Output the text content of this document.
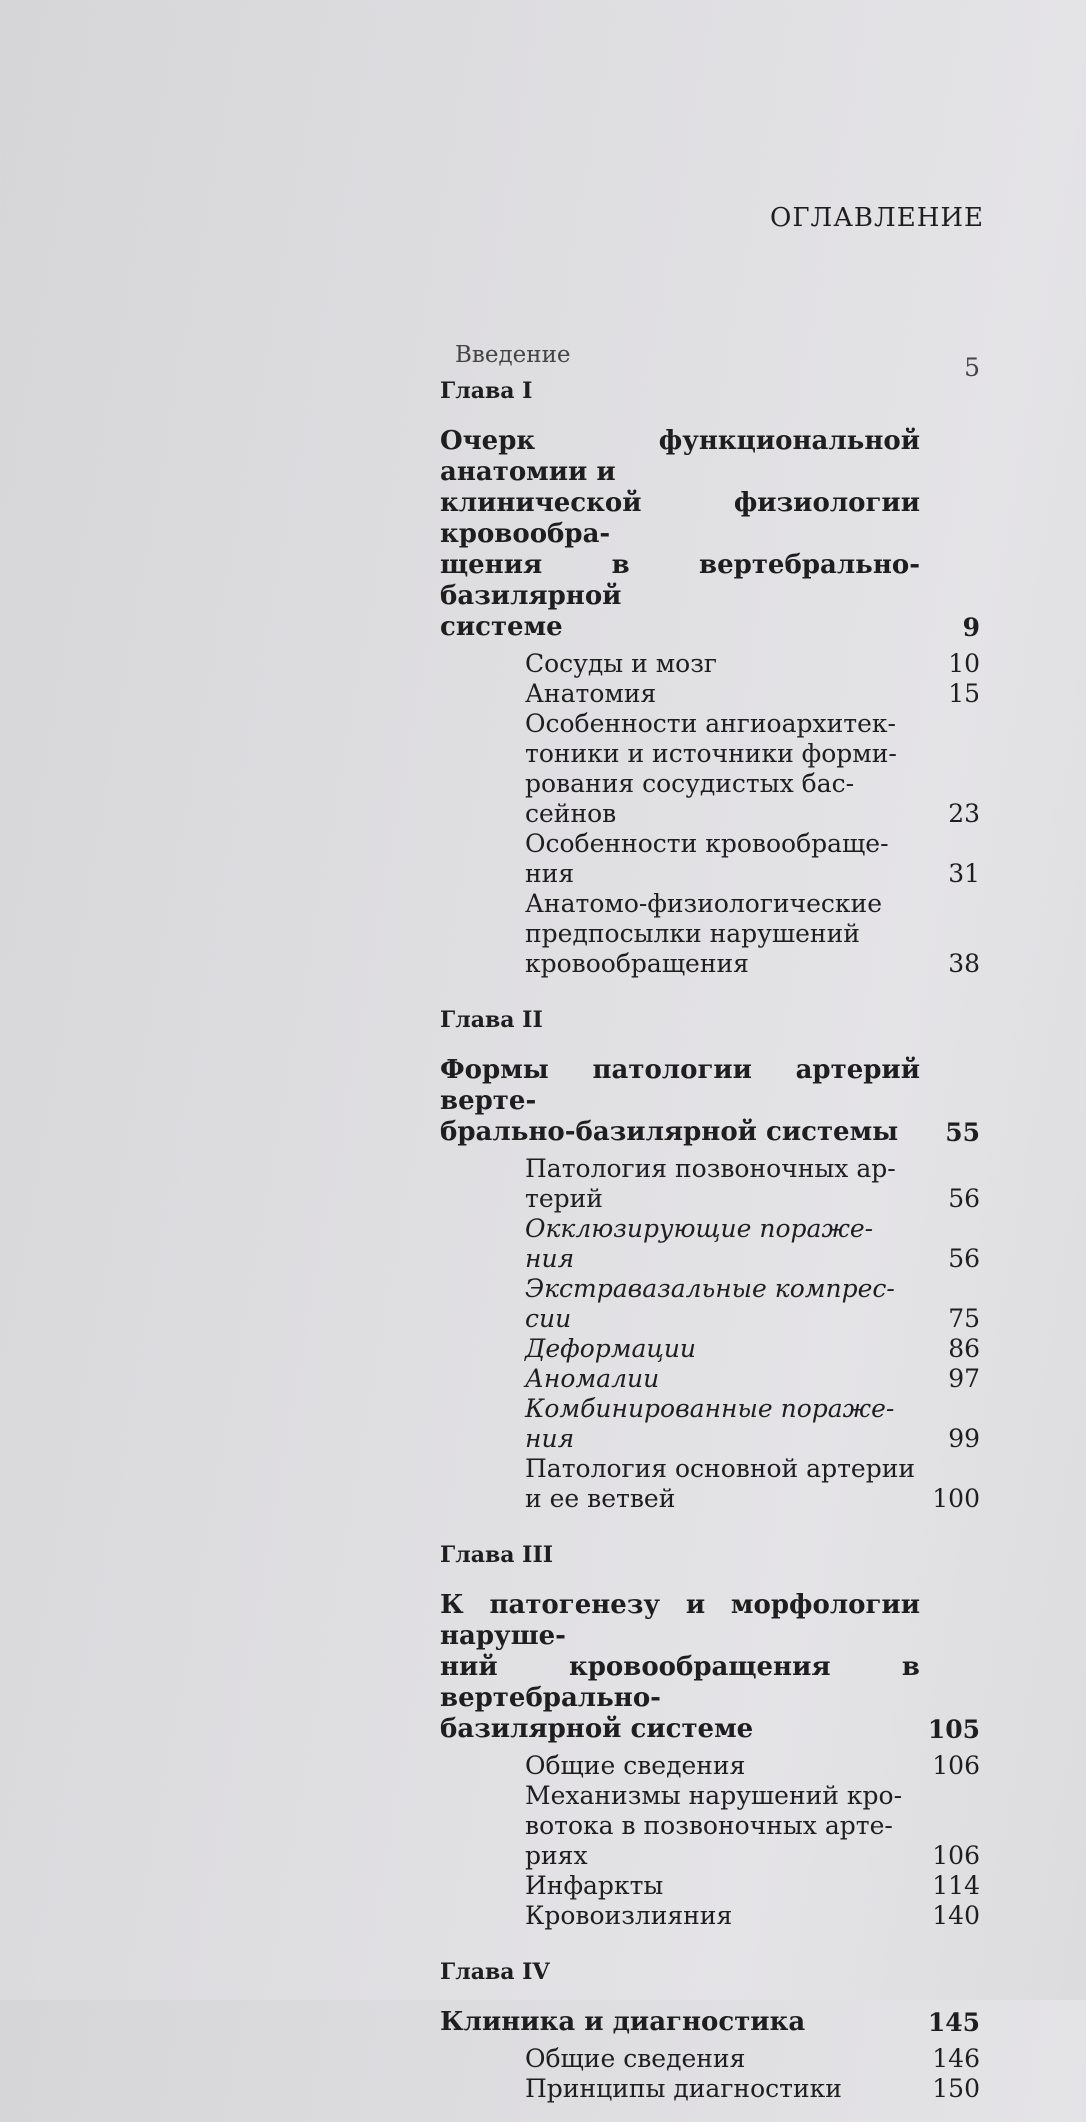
ОГЛАВЛЕНИЕ
Введение	5
Глава I
Очерк функциональной анатомии и
клинической физиологии кровообра-
щения в вертебрально-базилярной
системе	9
Сосуды и мозг	10
Анатомия	15
Особенности ангиоархитек-
тоники и источники форми-
рования сосудистых бас-
сейнов	23
Особенности кровообраще-
ния	31
Анатомо-физиологические
предпосылки нарушений
кровообращения	38
Глава II
Формы патологии артерий верте-
брально-базилярной системы	55
Патология позвоночных ар-
терий	56
Окклюзирующие пораже-
ния	56
Экстравазальные компрес-
сии	75
Деформации	86
Аномалии	97
Комбинированные пораже-
ния	99
Патология основной артерии
и ее ветвей	100
Глава III
К патогенезу и морфологии наруше-
ний кровообращения в вертебрально-
базилярной системе	105
Общие сведения	106
Механизмы нарушений кро-
вотока в позвоночных арте-
риях	106
Инфаркты	114
Кровоизлияния	140
Глава IV
Клиника и диагностика	145
Общие сведения	146
Принципы диагностики	150
